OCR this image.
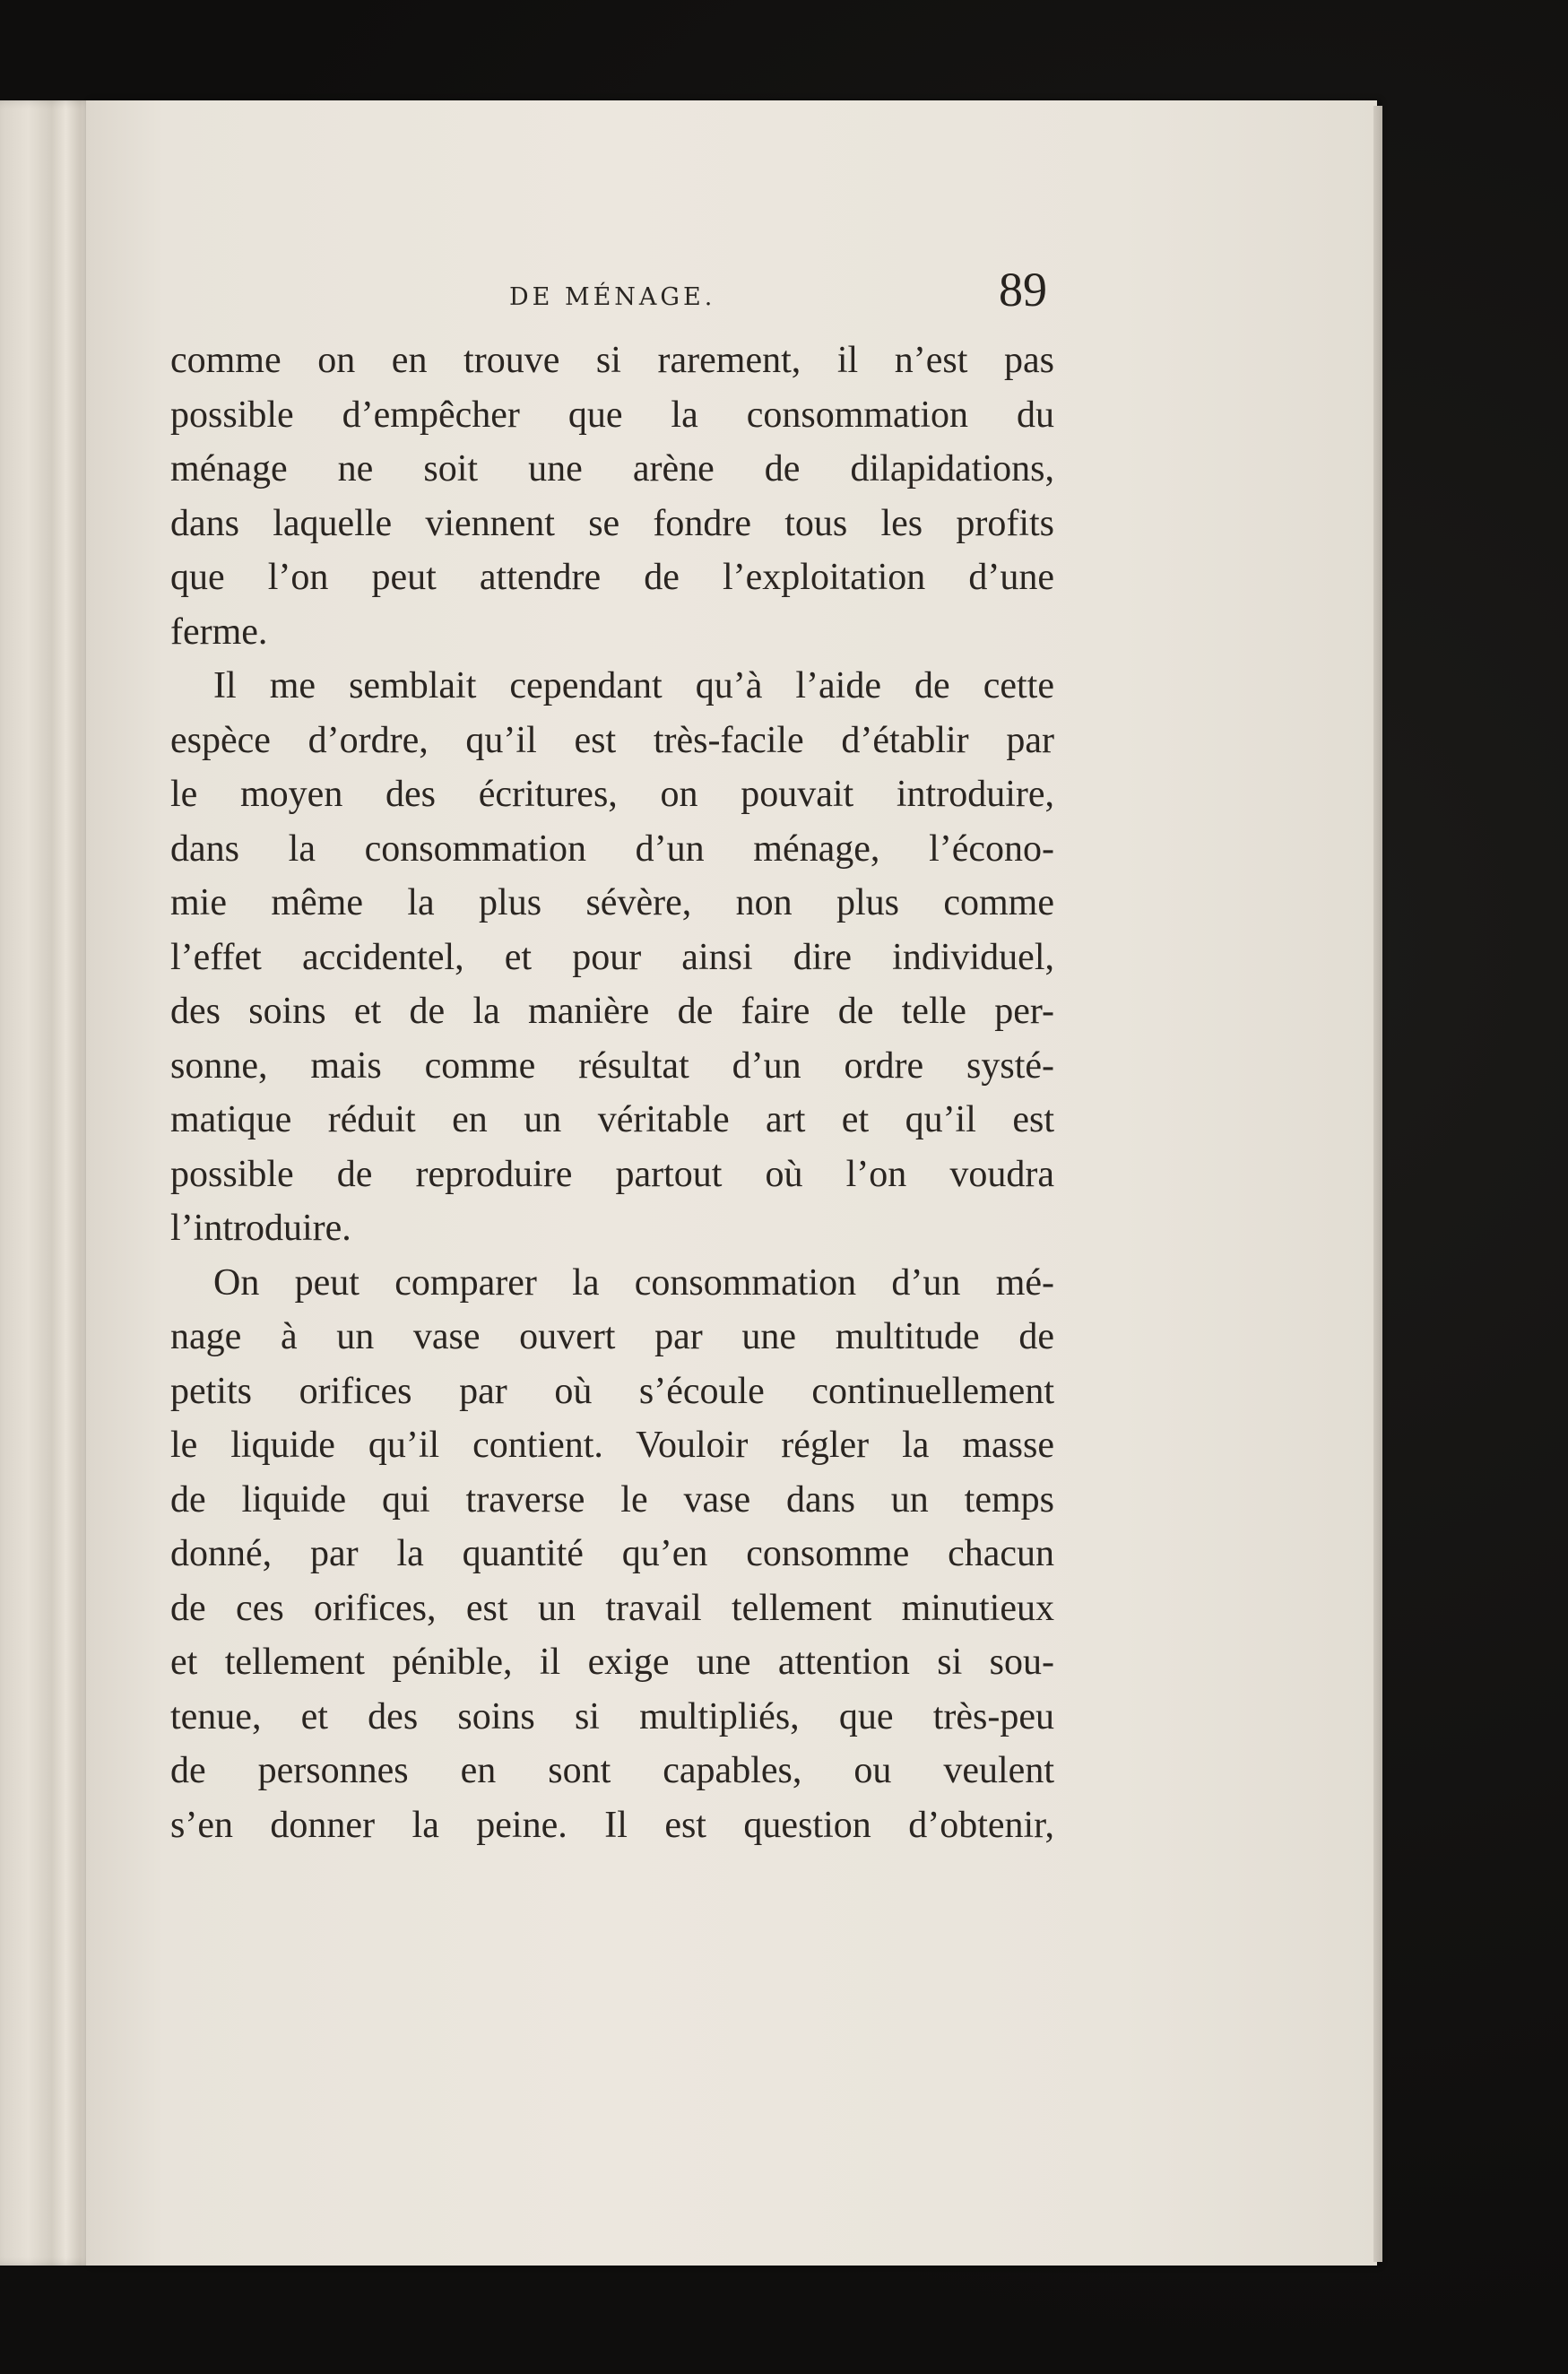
DE MÉNAGE.	89
comme on en trouve si rarement, il n’est pas
possible d’empêcher que la consommation du
ménage ne soit une arène de dilapidations,
dans laquelle viennent se fondre tous les profits
que l’on peut attendre de l’exploitation d’une
ferme.
Il me semblait cependant qu’à l’aide de cette
espèce d’ordre, qu’il est très-facile d’établir par
le moyen des écritures, on pouvait introduire,
dans la consommation d’un ménage, l’écono-
mie même la plus sévère, non plus comme
l’effet accidentel, et pour ainsi dire individuel,
des soins et de la manière de faire de telle per-
sonne, mais comme résultat d’un ordre systé-
matique réduit en un véritable art et qu’il est
possible de reproduire partout où l’on voudra
l’introduire.
On peut comparer la consommation d’un mé-
nage à un vase ouvert par une multitude de
petits orifices par où s’écoule continuellement
le liquide qu’il contient. Vouloir régler la masse
de liquide qui traverse le vase dans un temps
donné, par la quantité qu’en consomme chacun
de ces orifices, est un travail tellement minutieux
et tellement pénible, il exige une attention si sou-
tenue, et des soins si multipliés, que très-peu
de personnes en sont capables, ou veulent
s’en donner la peine. Il est question d’obtenir,
